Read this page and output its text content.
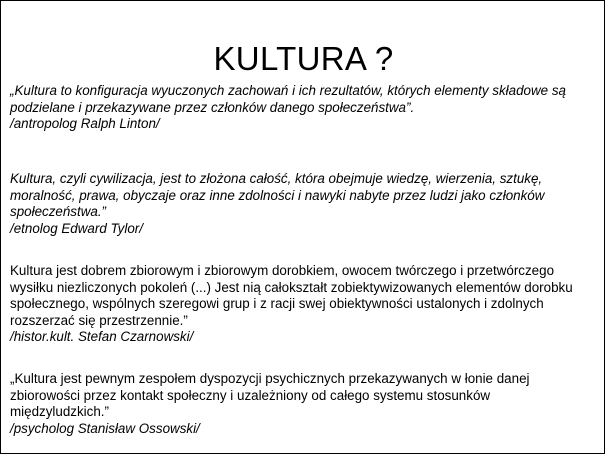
KULTURA ?
„Kultura to konfiguracja wyuczonych zachowań i ich rezultatów, których elementy składowe są
podzielane i przekazywane przez członków danego społeczeństwa”.
/antropolog Ralph Linton/
Kultura, czyli cywilizacja, jest to złożona całość, która obejmuje wiedzę, wierzenia, sztukę,
moralność, prawa, obyczaje oraz inne zdolności i nawyki nabyte przez ludzi jako członków
społeczeństwa.”
/etnolog Edward Tylor/
Kultura jest dobrem zbiorowym i zbiorowym dorobkiem, owocem twórczego i przetwórczego
wysiłku niezliczonych pokoleń (...) Jest nią całokształt zobiektywizowanych elementów dorobku
społecznego, wspólnych szeregowi grup i z racji swej obiektywności ustalonych i zdolnych
rozszerzać się przestrzennie.”
/histor.kult. Stefan Czarnowski/
„Kultura jest pewnym zespołem dyspozycji psychicznych przekazywanych w łonie danej
zbiorowości przez kontakt społeczny i uzależniony od całego systemu stosunków
międzyludzkich.”
/psycholog Stanisław Ossowski/
